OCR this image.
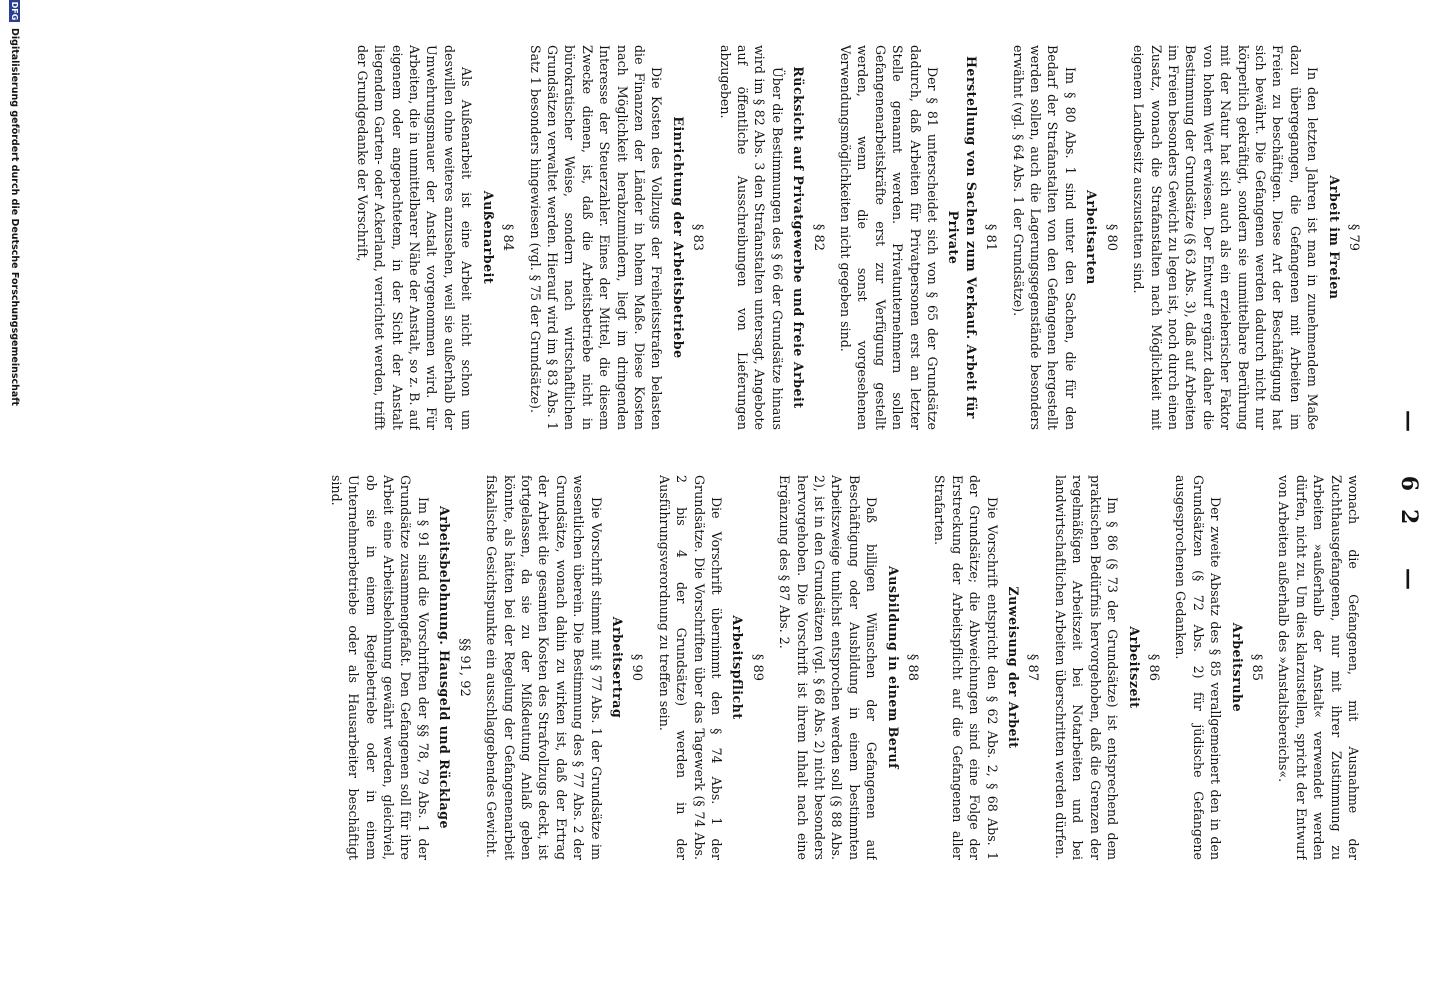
— 62 —
§ 79
Arbeit im Freien

In den letzten Jahren ist man in zunehmendem Maße dazu übergegangen, die Gefangenen mit Arbeiten im Freien zu beschäftigen. Diese Art der Beschäftigung hat sich bewährt. Die Gefangenen werden dadurch nicht nur körperlich gekräftigt, sondern sie unmittelbare Berührung mit der Natur hat sich auch als ein erzieherischer Faktor von hohem Wert erwiesen. Der Entwurf ergänzt daher die Bestimmung der Grundsätze (§ 63 Abs. 3), daß auf Arbeiten im Freien besonders Gewicht zu legen ist, noch durch einen Zusatz, wonach die Strafanstalten nach Möglichkeit mit eigenem Landbesitz auszustatten sind.

§ 80
Arbeitsarten

Im § 80 Abs. 1 sind unter den Sachen, die für den Bedarf der Strafanstalten von den Gefangenen hergestellt werden sollen, auch die Lagerungsgegenstände besonders erwähnt (vgl. § 64 Abs. 1 der Grundsätze).

§ 81
Herstellung von Sachen zum Verkauf. Arbeit für Private

Der § 81 unterscheidet sich von § 65 der Grundsätze dadurch, daß Arbeiten für Privatpersonen erst an letzter Stelle genannt werden. Privatunternehmern sollen Gefangenenarbeitskräfte erst zur Verfügung gestellt werden, wenn die sonst vorgesehenen Verwendungsmöglichkeiten nicht gegeben sind.

§ 82
Rücksicht auf Privatgewerbe und freie Arbeit

Über die Bestimmungen des § 66 der Grundsätze hinaus wird im § 82 Abs. 3 den Strafanstalten untersagt, Angebote auf öffentliche Ausschreibungen von Lieferungen abzugeben.

§ 83
Einrichtung der Arbeitsbetriebe

Die Kosten des Vollzugs der Freiheitsstrafen belasten die Finanzen der Länder in hohem Maße. Diese Kosten nach Möglichkeit herabzumindern, liegt im dringenden Interesse der Steuerzahler. Eines der Mittel, die diesem Zwecke dienen, ist, daß die Arbeitsbetriebe nicht in bürokratischer Weise, sondern nach wirtschaftlichen Grundsätzen verwaltet werden. Hierauf wird im § 83 Abs. 1 Satz 1 besonders hingewiesen (vgl. § 75 der Grundsätze).

§ 84
Außenarbeit

Als Außenarbeit ist eine Arbeit nicht schon um deswillen ohne weiteres anzusehen, weil sie außerhalb der Umwehrungsmauer der Anstalt vorgenommen wird. Für Arbeiten, die in unmittelbarer Nähe der Anstalt, so z. B. auf eigenem oder angepachtetem, in der Sicht der Anstalt liegendem Garten- oder Ackerland, verrichtet werden, trifft der Grundgedanke der Vorschrift,

wonach die Gefangenen, mit Ausnahme der Zuchthausgefangenen, nur mit ihrer Zustimmung zu Arbeiten »außerhalb der Anstalt« verwendet werden dürfen, nicht zu. Um dies klarzustellen, spricht der Entwurf von Arbeiten außerhalb des »Anstaltsbereichs«.

§ 85
Arbeitsruhe

Der zweite Absatz des § 85 verallgemeinert den in den Grundsätzen (§ 72 Abs. 2) für jüdische Gefangene ausgesprochenen Gedanken.

§ 86
Arbeitszeit

Im § 86 (§ 73 der Grundsätze) ist entsprechend dem praktischen Bedürfnis hervorgehoben, daß die Grenzen der regelmäßigen Arbeitszeit bei Notarbeiten und bei landwirtschaftlichen Arbeiten überschritten werden dürfen.

§ 87
Zuweisung der Arbeit

Die Vorschrift entspricht den § 62 Abs. 2, § 68 Abs. 1 der Grundsätze; die Abweichungen sind eine Folge der Erstreckung der Arbeitspflicht auf die Gefangenen aller Strafarten.

§ 88
Ausbildung in einem Beruf

Daß billigen Wünschen der Gefangenen auf Beschäftigung oder Ausbildung in einem bestimmten Arbeitszweige tunlichst entsprochen werden soll (§ 88 Abs. 2), ist in den Grundsätzen (vgl. § 68 Abs. 2) nicht besonders hervorgehoben. Die Vorschrift ist ihrem Inhalt nach eine Ergänzung des § 87 Abs. 2.

§ 89
Arbeitspflicht

Die Vorschrift übernimmt den § 74 Abs. 1 der Grundsätze. Die Vorschriften über das Tagewerk (§ 74 Abs. 2 bis 4 der Grundsätze) werden in der Ausführungsverordnung zu treffen sein.

§ 90
Arbeitsertrag

Die Vorschrift stimmt mit § 77 Abs. 1 der Grundsätze im wesentlichen überein. Die Bestimmung des § 77 Abs. 2 der Grundsätze, wonach dahin zu wirken ist, daß der Ertrag der Arbeit die gesamten Kosten des Strafvollzugs deckt, ist fortgelassen, da sie zu der Mißdeutung Anlaß geben könnte, als hätten bei der Regelung der Gefangenenarbeit fiskalische Gesichtspunkte ein ausschlaggebendes Gewicht.

§§ 91, 92
Arbeitsbelohnung. Hausgeld und Rücklage

Im § 91 sind die Vorschriften der §§ 78, 79 Abs. 1 der Grundsätze zusammengefaßt. Den Gefangenen soll für ihre Arbeit eine Arbeitsbelohnung gewährt werden, gleichviel, ob sie in einem Regiebetriebe oder in einem Unternehmerbetriebe oder als Hausarbeiter beschäftigt sind.

DFGDigitalisierung gefördert durch die Deutsche Forschungsgemeinschaft
